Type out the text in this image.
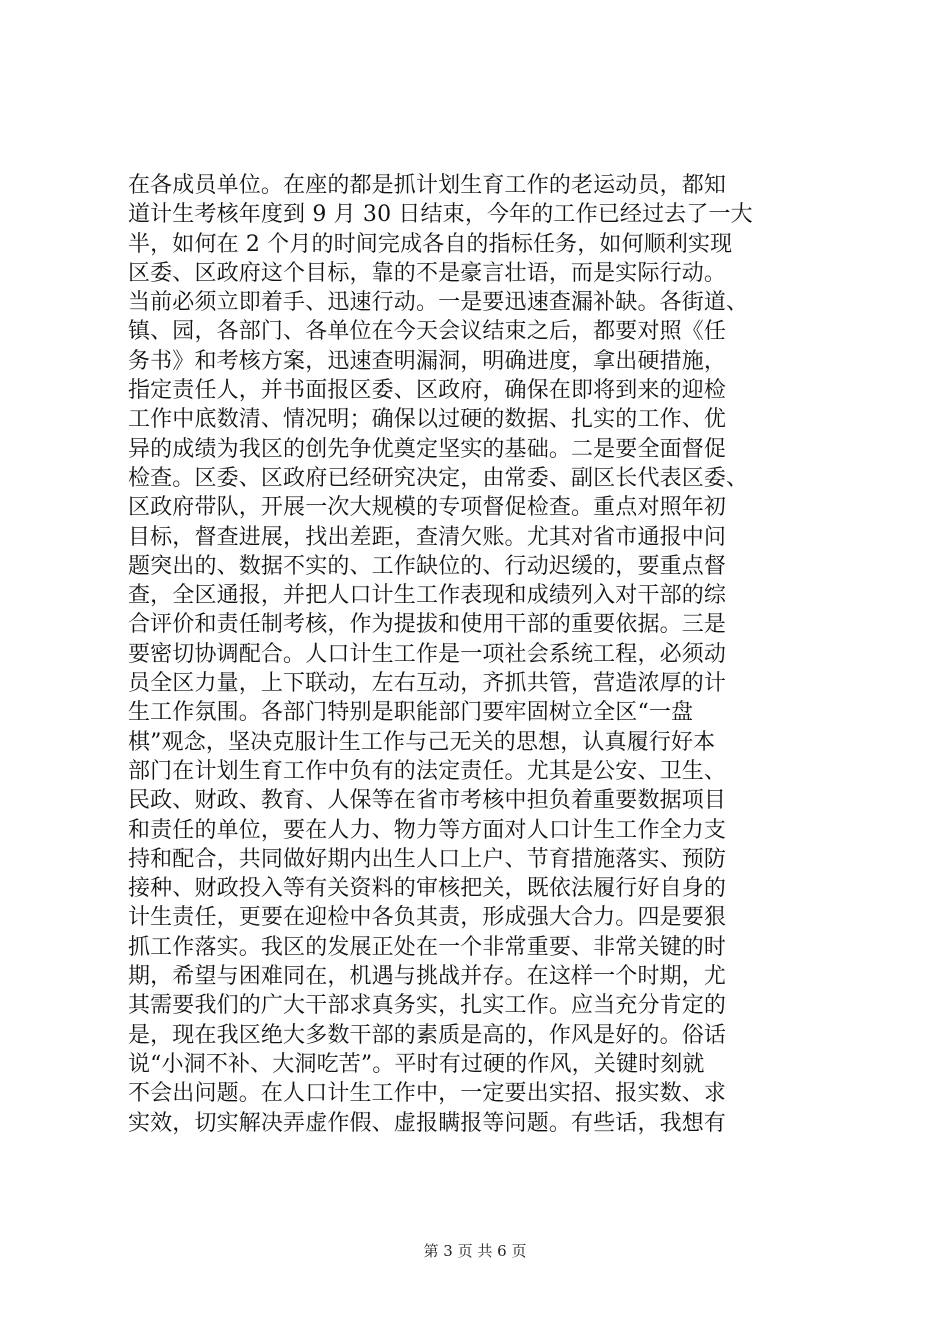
在各成员单位。在座的都是抓计划生育工作的老运动员，都知
道计生考核年度到 9 月 30 日结束，今年的工作已经过去了一大
半，如何在 2 个月的时间完成各自的指标任务，如何顺利实现
区委、区政府这个目标，靠的不是豪言壮语，而是实际行动。
当前必须立即着手、迅速行动。一是要迅速查漏补缺。各街道、
镇、园，各部门、各单位在今天会议结束之后，都要对照《任
务书》和考核方案，迅速查明漏洞，明确进度，拿出硬措施，
指定责任人，并书面报区委、区政府，确保在即将到来的迎检
工作中底数清、情况明；确保以过硬的数据、扎实的工作、优
异的成绩为我区的创先争优奠定坚实的基础。二是要全面督促
检查。区委、区政府已经研究决定，由常委、副区长代表区委、
区政府带队，开展一次大规模的专项督促检查。重点对照年初
目标，督查进展，找出差距，查清欠账。尤其对省市通报中问
题突出的、数据不实的、工作缺位的、行动迟缓的，要重点督
查，全区通报，并把人口计生工作表现和成绩列入对干部的综
合评价和责任制考核，作为提拔和使用干部的重要依据。三是
要密切协调配合。人口计生工作是一项社会系统工程，必须动
员全区力量，上下联动，左右互动，齐抓共管，营造浓厚的计
生工作氛围。各部门特别是职能部门要牢固树立全区“一盘
棋”观念，坚决克服计生工作与己无关的思想，认真履行好本
部门在计划生育工作中负有的法定责任。尤其是公安、卫生、
民政、财政、教育、人保等在省市考核中担负着重要数据项目
和责任的单位，要在人力、物力等方面对人口计生工作全力支
持和配合，共同做好期内出生人口上户、节育措施落实、预防
接种、财政投入等有关资料的审核把关，既依法履行好自身的
计生责任，更要在迎检中各负其责，形成强大合力。四是要狠
抓工作落实。我区的发展正处在一个非常重要、非常关键的时
期，希望与困难同在，机遇与挑战并存。在这样一个时期，尤
其需要我们的广大干部求真务实，扎实工作。应当充分肯定的
是，现在我区绝大多数干部的素质是高的，作风是好的。俗话
说“小洞不补、大洞吃苦”。平时有过硬的作风，关键时刻就
不会出问题。在人口计生工作中，一定要出实招、报实数、求
实效，切实解决弄虚作假、虚报瞒报等问题。有些话，我想有
第 3 页 共 6 页
